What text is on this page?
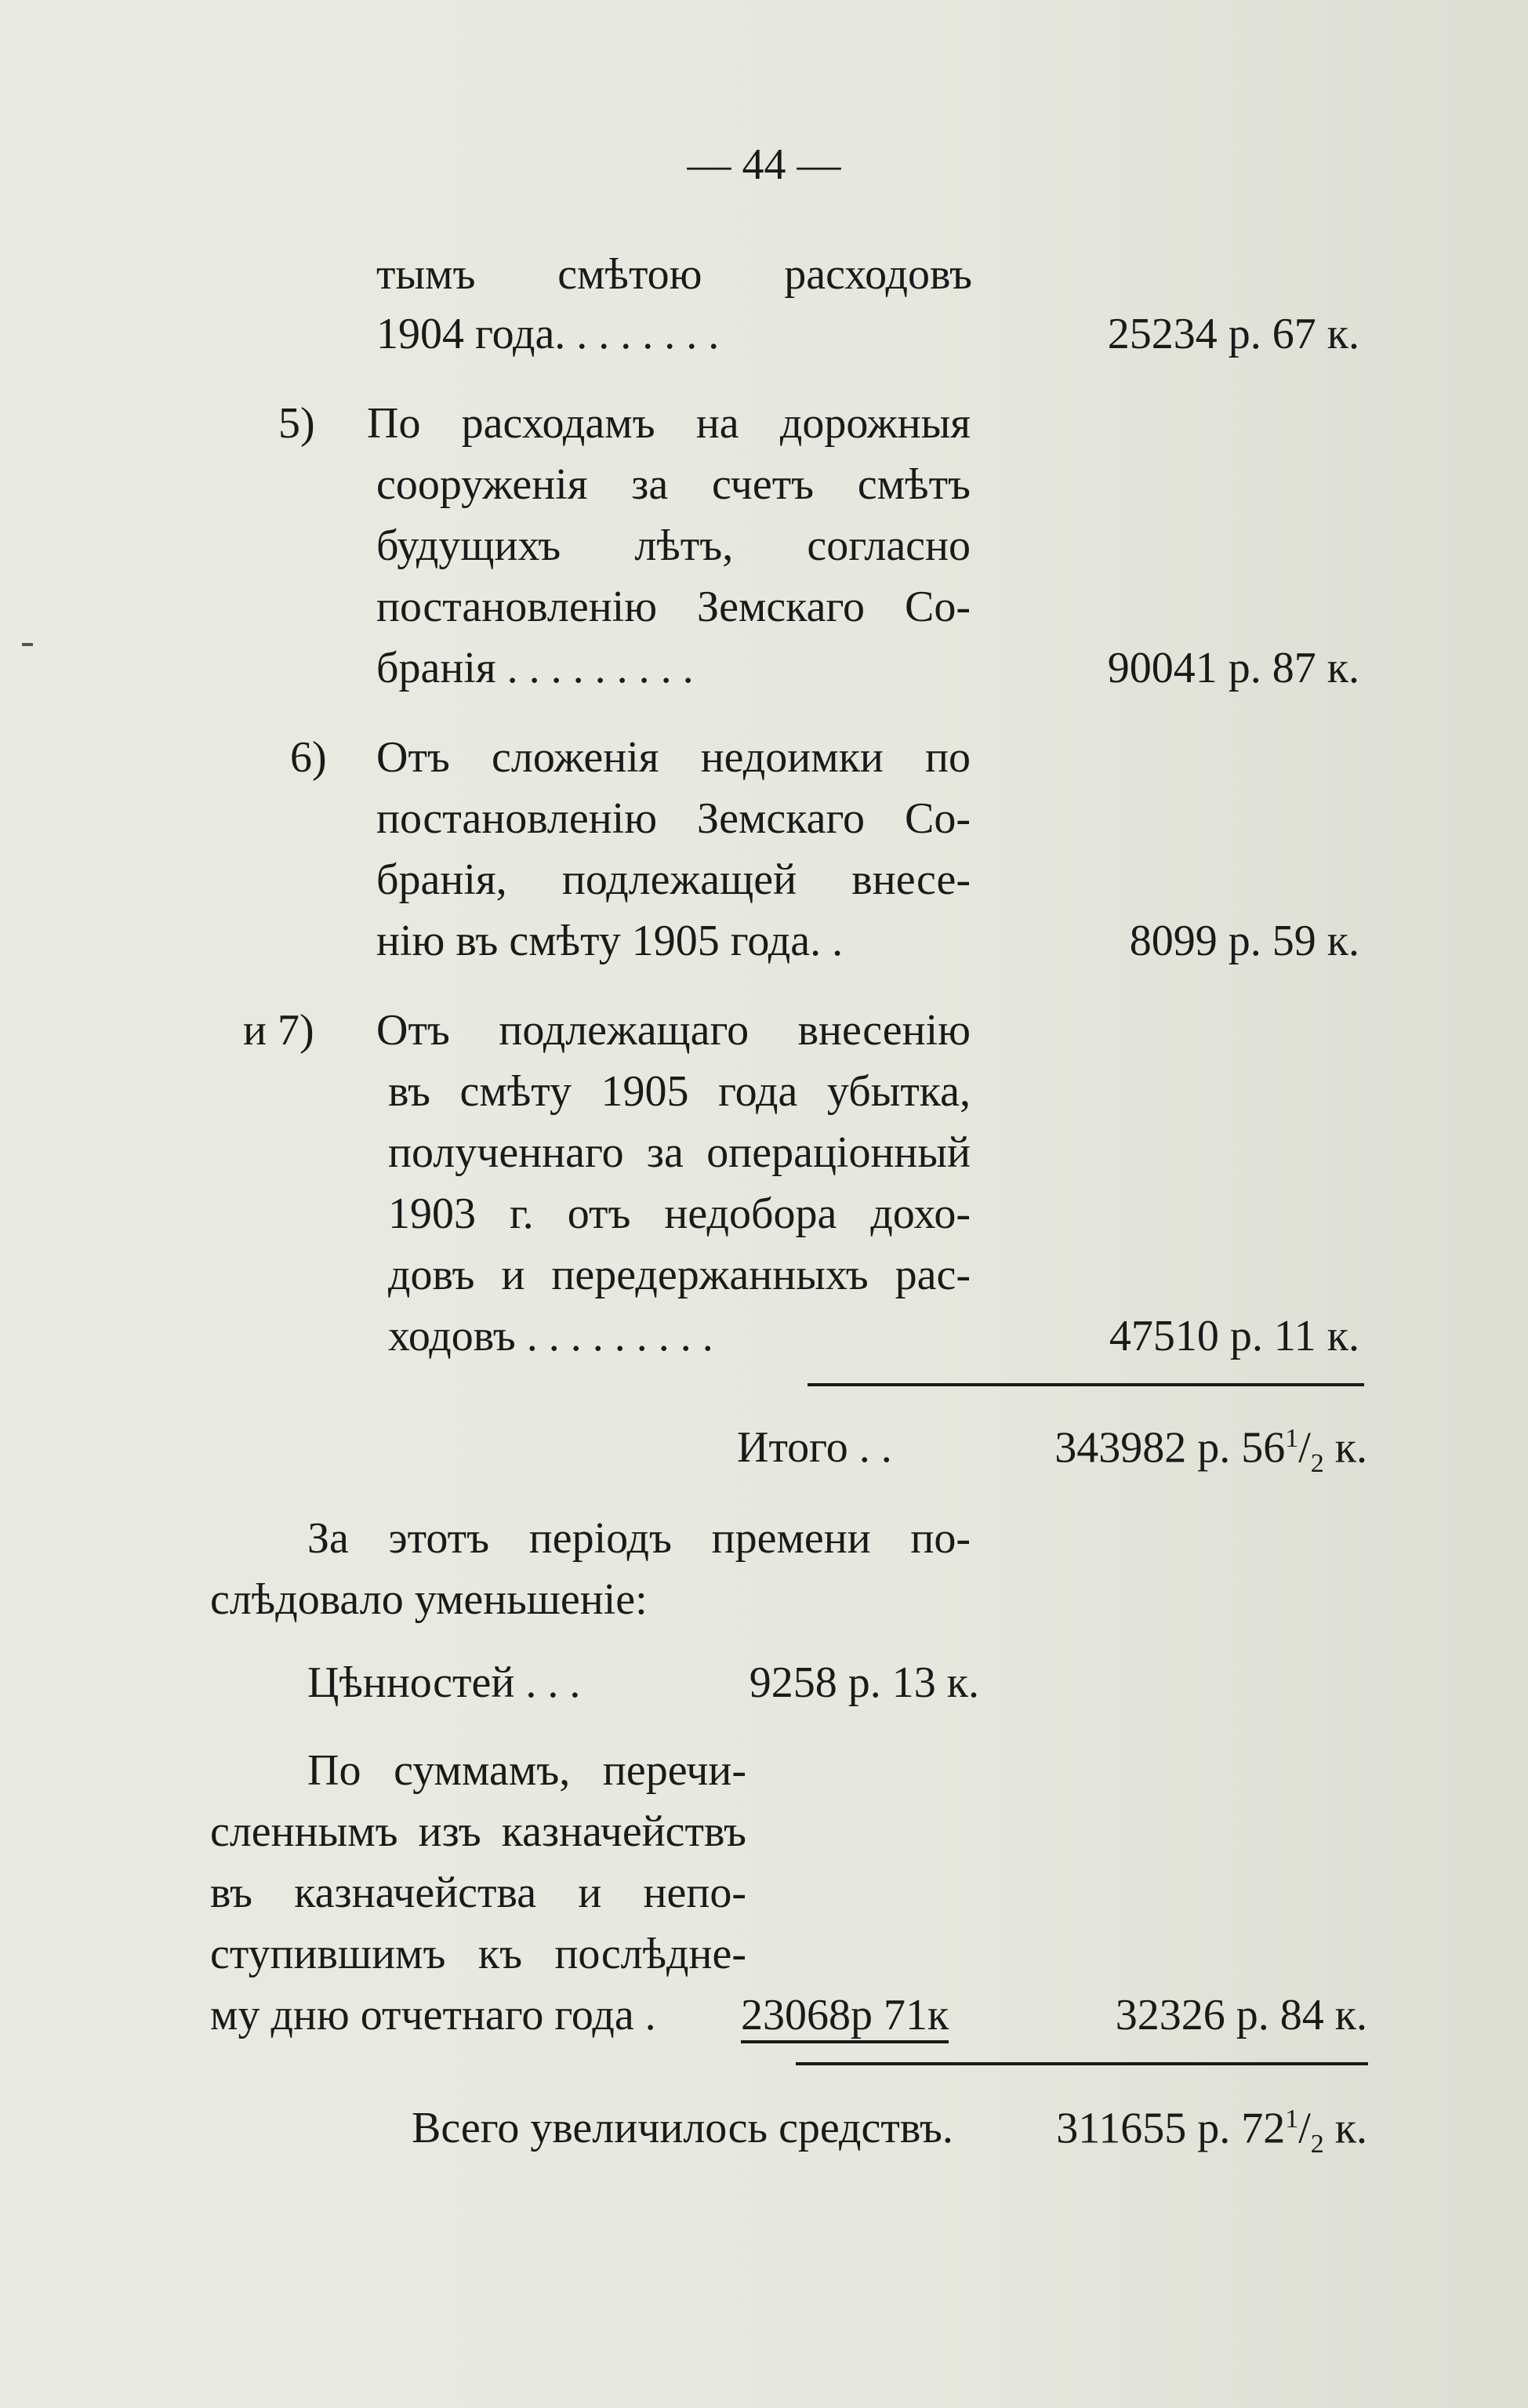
— 44 —
тымъ смѣтою расходовъ
1904 года. . . . . . . .	25234 р. 67 к.
5) По расходамъ на дорожныя
сооруженія за счетъ смѣтъ
будущихъ лѣтъ, согласно
постановленію Земскаго Со-
бранія . . . . . . . . .	90041 р. 87 к.
6) Отъ сложенія недоимки по
постановленію Земскаго Со-
бранія, подлежащей внесе-
нію въ смѣту 1905 года. .	8099 р. 59 к.
и 7) Отъ подлежащаго внесенію
въ смѣту 1905 года убытка,
полученнаго за операціонный
1903 г. отъ недобора дохо-
довъ и передержанныхъ рас-
ходовъ . . . . . . . . .	47510 р. 11 к.
Итого . .	343982 р. $56^1/_2$ к.
За этотъ періодъ премени по-
слѣдовало уменьшеніе:
Цѣнностей . . .	9258 р. 13 к.
По суммамъ, перечи-
сленнымъ изъ казначействъ
въ казначейства и непо-
ступившимъ къ послѣдне-
му дню отчетнаго года . 23068р 71к	32326 р. 84 к.
Всего увеличилось средствъ. 311655 р. $72^1/_2$ к.
